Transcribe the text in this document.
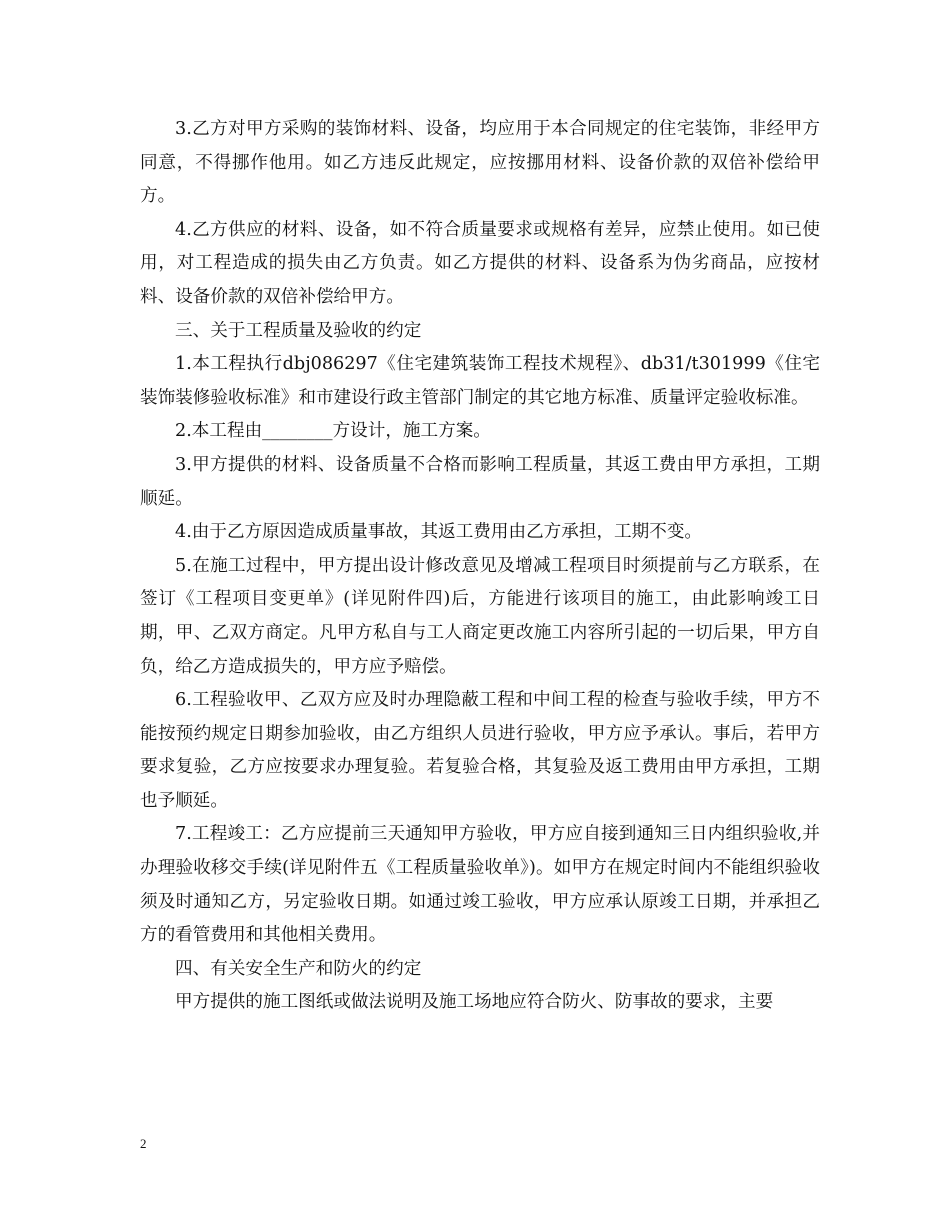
3.乙方对甲方采购的装饰材料、设备，均应用于本合同规定的住宅装饰，非经甲方同意，不得挪作他用。如乙方违反此规定，应按挪用材料、设备价款的双倍补偿给甲方。

4.乙方供应的材料、设备，如不符合质量要求或规格有差异，应禁止使用。如已使用，对工程造成的损失由乙方负责。如乙方提供的材料、设备系为伪劣商品，应按材料、设备价款的双倍补偿给甲方。

三、关于工程质量及验收的约定

1.本工程执行dbj086297《住宅建筑装饰工程技术规程》、db31/t301999《住宅装饰装修验收标准》和市建设行政主管部门制定的其它地方标准、质量评定验收标准。

2.本工程由________方设计，施工方案。

3.甲方提供的材料、设备质量不合格而影响工程质量，其返工费由甲方承担，工期顺延。

4.由于乙方原因造成质量事故，其返工费用由乙方承担，工期不变。

5.在施工过程中，甲方提出设计修改意见及增减工程项目时须提前与乙方联系，在签订《工程项目变更单》(详见附件四)后，方能进行该项目的施工，由此影响竣工日期，甲、乙双方商定。凡甲方私自与工人商定更改施工内容所引起的一切后果，甲方自负，给乙方造成损失的，甲方应予赔偿。

6.工程验收甲、乙双方应及时办理隐蔽工程和中间工程的检查与验收手续，甲方不能按预约规定日期参加验收，由乙方组织人员进行验收，甲方应予承认。事后，若甲方要求复验，乙方应按要求办理复验。若复验合格，其复验及返工费用由甲方承担，工期也予顺延。

7.工程竣工：乙方应提前三天通知甲方验收，甲方应自接到通知三日内组织验收,并办理验收移交手续(详见附件五《工程质量验收单》)。如甲方在规定时间内不能组织验收须及时通知乙方，另定验收日期。如通过竣工验收，甲方应承认原竣工日期，并承担乙方的看管费用和其他相关费用。

四、有关安全生产和防火的约定

甲方提供的施工图纸或做法说明及施工场地应符合防火、防事故的要求，主要

2
